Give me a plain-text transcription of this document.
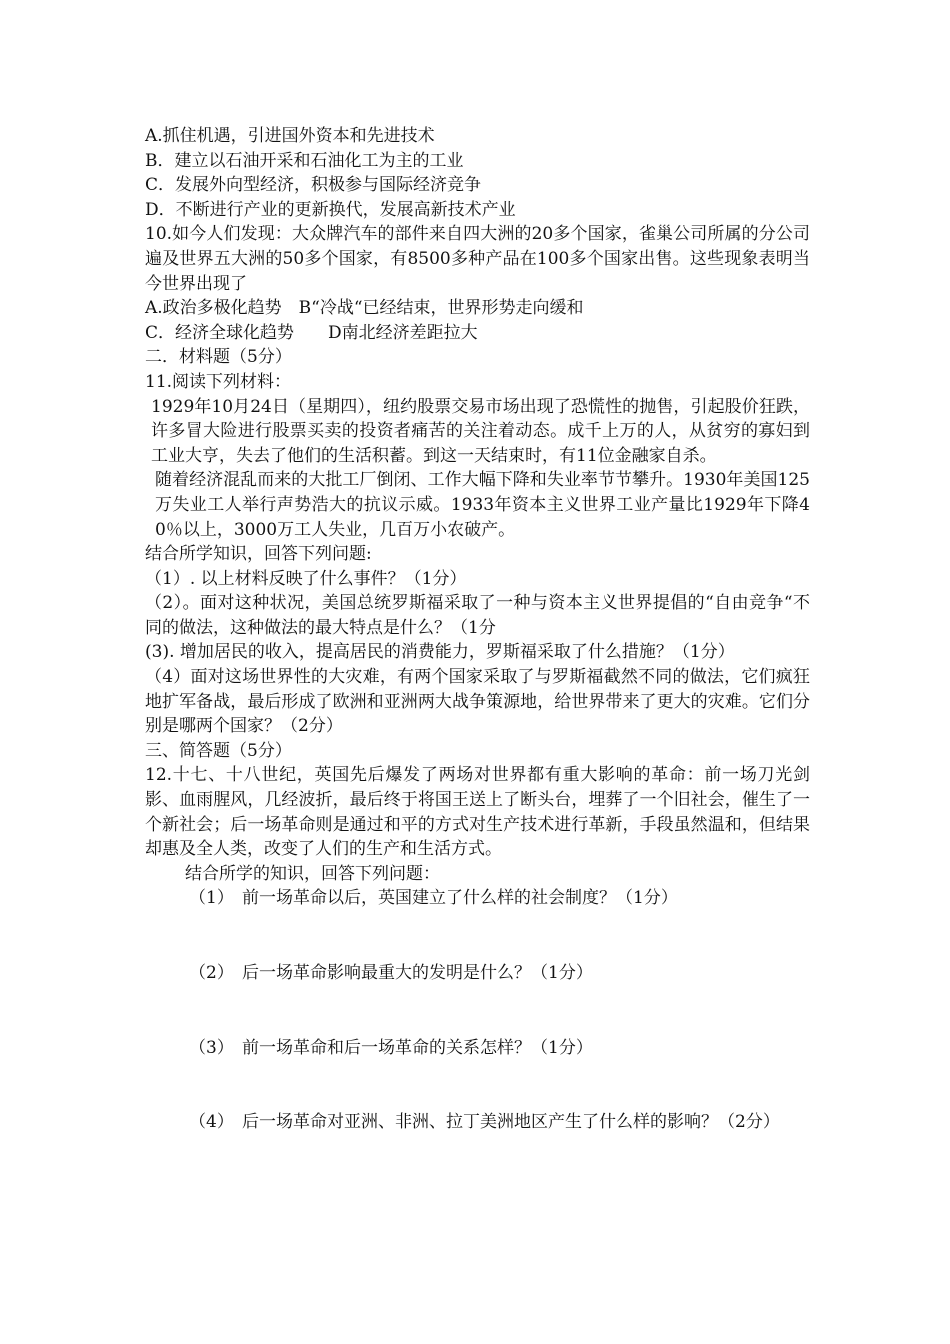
A.抓住机遇，引进国外资本和先进技术
B．建立以石油开采和石油化工为主的工业
C．发展外向型经济，积极参与国际经济竞争
D．不断进行产业的更新换代，发展高新技术产业
10.如今人们发现：大众牌汽车的部件来自四大洲的20多个国家，雀巢公司所属的分公司遍及世界五大洲的50多个国家，有8500多种产品在100多个国家出售。这些现象表明当今世界出现了
A.政治多极化趋势　B“冷战“已经结束，世界形势走向缓和
C．经济全球化趋势　　D南北经济差距拉大
二．材料题（5分）
11.阅读下列材料：
1929年10月24日（星期四），纽约股票交易市场出现了恐慌性的抛售，引起股价狂跌，许多冒大险进行股票买卖的投资者痛苦的关注着动态。成千上万的人，从贫穷的寡妇到工业大亨，失去了他们的生活积蓄。到这一天结束时，有11位金融家自杀。
随着经济混乱而来的大批工厂倒闭、工作大幅下降和失业率节节攀升。1930年美国125万失业工人举行声势浩大的抗议示威。1933年资本主义世界工业产量比1929年下降40％以上，3000万工人失业，几百万小农破产。
结合所学知识，回答下列问题:
（1）. 以上材料反映了什么事件？（1分）
（2）。面对这种状况，美国总统罗斯福采取了一种与资本主义世界提倡的“自由竞争“不同的做法，这种做法的最大特点是什么？（1分
(3). 增加居民的收入，提高居民的消费能力，罗斯福采取了什么措施？（1分）
（4）面对这场世界性的大灾难，有两个国家采取了与罗斯福截然不同的做法，它们疯狂地扩军备战，最后形成了欧洲和亚洲两大战争策源地，给世界带来了更大的灾难。它们分别是哪两个国家？（2分）
三、简答题（5分）
12.十七、十八世纪，英国先后爆发了两场对世界都有重大影响的革命：前一场刀光剑影、血雨腥风，几经波折，最后终于将国王送上了断头台，埋葬了一个旧社会，催生了一个新社会；后一场革命则是通过和平的方式对生产技术进行革新，手段虽然温和，但结果却惠及全人类，改变了人们的生产和生活方式。
结合所学的知识，回答下列问题：
（1） 前一场革命以后，英国建立了什么样的社会制度？（1分）
（2） 后一场革命影响最重大的发明是什么？（1分）
（3） 前一场革命和后一场革命的关系怎样？（1分）
（4） 后一场革命对亚洲、非洲、拉丁美洲地区产生了什么样的影响？（2分）
